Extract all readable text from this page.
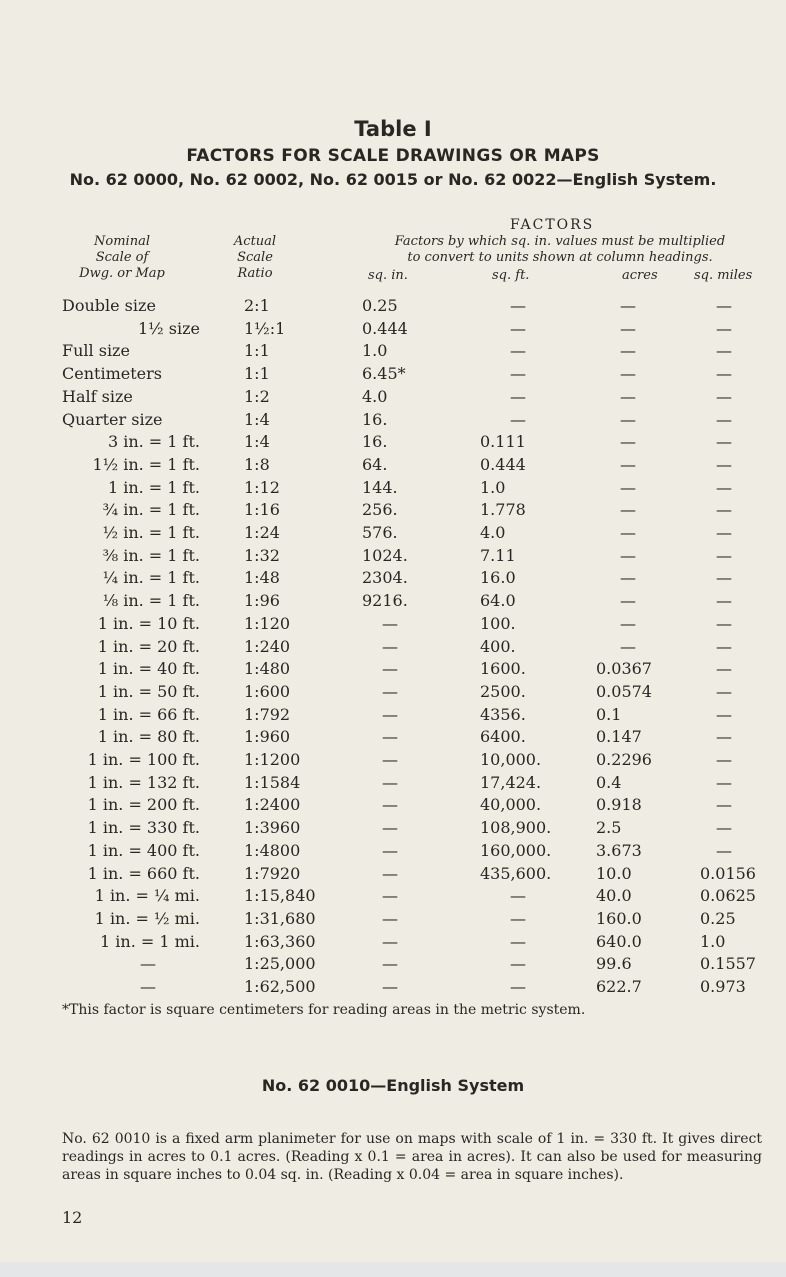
Table I
FACTORS FOR SCALE DRAWINGS OR MAPS
No. 62 0000, No. 62 0002, No. 62 0015 or No. 62 0022—English System.
FACTORS
Nominal
Scale of
Dwg. or Map
Actual
Scale
Ratio
Factors by which sq. in. values must be multiplied
to convert to units shown at column headings.
sq. in.	sq. ft.	acres	sq. miles
Double size	2:1	0.25	—	—	—
1½ size	1½:1	0.444	—	—	—
Full size	1:1	1.0	—	—	—
Centimeters	1:1	6.45*	—	—	—
Half size	1:2	4.0	—	—	—
Quarter size	1:4	16.	—	—	—
3 in. = 1 ft.	1:4	16.	0.111	—	—
1½ in. = 1 ft.	1:8	64.	0.444	—	—
1 in. = 1 ft.	1:12	144.	1.0	—	—
¾ in. = 1 ft.	1:16	256.	1.778	—	—
½ in. = 1 ft.	1:24	576.	4.0	—	—
⅜ in. = 1 ft.	1:32	1024.	7.11	—	—
¼ in. = 1 ft.	1:48	2304.	16.0	—	—
⅛ in. = 1 ft.	1:96	9216.	64.0	—	—
1 in. = 10 ft.	1:120	—	100.	—	—
1 in. = 20 ft.	1:240	—	400.	—	—
1 in. = 40 ft.	1:480	—	1600.	0.0367	—
1 in. = 50 ft.	1:600	—	2500.	0.0574	—
1 in. = 66 ft.	1:792	—	4356.	0.1	—
1 in. = 80 ft.	1:960	—	6400.	0.147	—
1 in. = 100 ft.	1:1200	—	10,000.	0.2296	—
1 in. = 132 ft.	1:1584	—	17,424.	0.4	—
1 in. = 200 ft.	1:2400	—	40,000.	0.918	—
1 in. = 330 ft.	1:3960	—	108,900.	2.5	—
1 in. = 400 ft.	1:4800	—	160,000.	3.673	—
1 in. = 660 ft.	1:7920	—	435,600.	10.0	0.0156
1 in. = ¼ mi.	1:15,840	—	—	40.0	0.0625
1 in. = ½ mi.	1:31,680	—	—	160.0	0.25
1 in. = 1 mi.	1:63,360	—	—	640.0	1.0
—	1:25,000	—	—	99.6	0.1557
—	1:62,500	—	—	622.7	0.973
*This factor is square centimeters for reading areas in the metric system.
No. 62 0010—English System
No. 62 0010 is a fixed arm planimeter for use on maps with scale of 1 in. = 330 ft. It gives direct readings in acres to 0.1 acres. (Reading x 0.1 = area in acres). It can also be used for measuring areas in square inches to 0.04 sq. in. (Reading x 0.04 = area in square inches).
12
